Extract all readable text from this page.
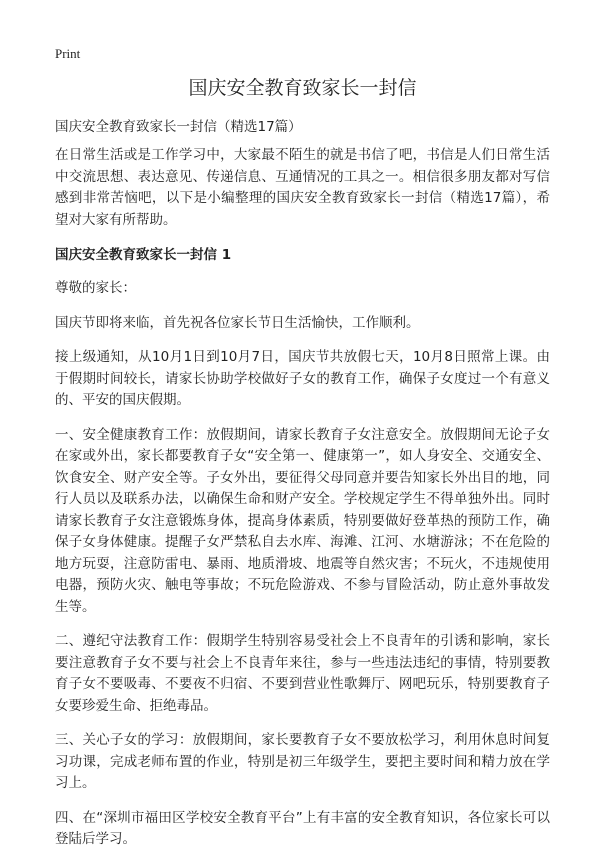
Print
国庆安全教育致家长一封信

国庆安全教育致家长一封信（精选17篇）

在日常生活或是工作学习中，大家最不陌生的就是书信了吧，书信是人们日常生活中交流思想、表达意见、传递信息、互通情况的工具之一。相信很多朋友都对写信感到非常苦恼吧，以下是小编整理的国庆安全教育致家长一封信（精选17篇），希望对大家有所帮助。

国庆安全教育致家长一封信 1

尊敬的家长：

国庆节即将来临，首先祝各位家长节日生活愉快，工作顺利。

接上级通知，从10月1日到10月7日，国庆节共放假七天，10月8日照常上课。由于假期时间较长，请家长协助学校做好子女的教育工作，确保子女度过一个有意义的、平安的国庆假期。

一、安全健康教育工作：放假期间，请家长教育子女注意安全。放假期间无论子女在家或外出，家长都要教育子女“安全第一、健康第一”，如人身安全、交通安全、饮食安全、财产安全等。子女外出，要征得父母同意并要告知家长外出目的地，同行人员以及联系办法，以确保生命和财产安全。学校规定学生不得单独外出。同时请家长教育子女注意锻炼身体，提高身体素质，特别要做好登革热的预防工作，确保子女身体健康。提醒子女严禁私自去水库、海滩、江河、水塘游泳；不在危险的地方玩耍，注意防雷电、暴雨、地质滑坡、地震等自然灾害；不玩火，不违规使用电器，预防火灾、触电等事故；不玩危险游戏、不参与冒险活动，防止意外事故发生等。

二、遵纪守法教育工作：假期学生特别容易受社会上不良青年的引诱和影响，家长要注意教育子女不要与社会上不良青年来往，参与一些违法违纪的事情，特别要教育子女不要吸毒、不要夜不归宿、不要到营业性歌舞厅、网吧玩乐，特别要教育子女要珍爱生命、拒绝毒品。

三、关心子女的学习：放假期间，家长要教育子女不要放松学习，利用休息时间复习功课，完成老师布置的作业，特别是初三年级学生，要把主要时间和精力放在学习上。

四、在“深圳市福田区学校安全教育平台”上有丰富的安全教育知识，各位家长可以登陆后学习。
